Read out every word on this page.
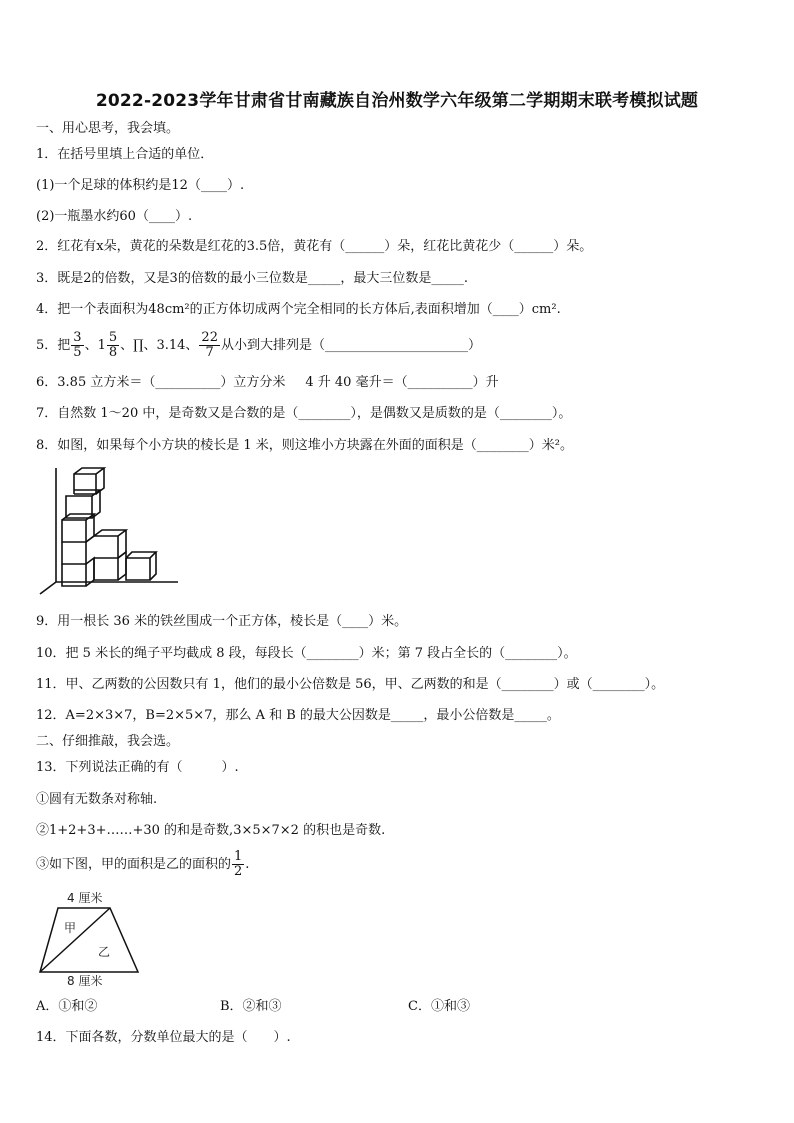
2022-2023学年甘肃省甘南藏族自治州数学六年级第二学期期末联考模拟试题
一、用心思考，我会填。
1．在括号里填上合适的单位．
(1)一个足球的体积约是12（____）.
(2)一瓶墨水约60（____）.
2．红花有x朵，黄花的朵数是红花的3.5倍，黄花有（______）朵，红花比黄花少（______）朵。
3．既是2的倍数，又是3的倍数的最小三位数是_____，最大三位数是_____.
4．把一个表面积为48cm²的正方体切成两个完全相同的长方体后,表面积增加（____）cm².
5．把 $\frac{3}{5}$ 、$1 \frac{5}{8}$ 、∏、3.14、 $\frac{22}{7}$ 从小到大排列是（______________________）
6．3.85 立方米＝（__________）立方分米 4 升 40 毫升＝（__________）升
7．自然数 1～20 中，是奇数又是合数的是（________），是偶数又是质数的是（________）。
8．如图，如果每个小方块的棱长是 1 米，则这堆小方块露在外面的面积是（________）米²。
9．用一根长 36 米的铁丝围成一个正方体，棱长是（____）米。
10．把 5 米长的绳子平均截成 8 段，每段长（________）米；第 7 段占全长的（________）。
11．甲、乙两数的公因数只有 1，他们的最小公倍数是 56，甲、乙两数的和是（________）或（________）。
12．A=2×3×7，B=2×5×7，那么 A 和 B 的最大公因数是_____，最小公倍数是_____。
二、仔细推敲，我会选。
13．下列说法正确的有（　　　）.
①圆有无数条对称轴.
②1+2+3+……+30 的和是奇数,3×5×7×2 的积也是奇数.
③如下图，甲的面积是乙的面积的 $\frac{1}{2}$ .
4 厘米
甲
乙
8 厘米
A．①和②	B．②和③	C．①和③
14．下面各数，分数单位最大的是（　　）.
